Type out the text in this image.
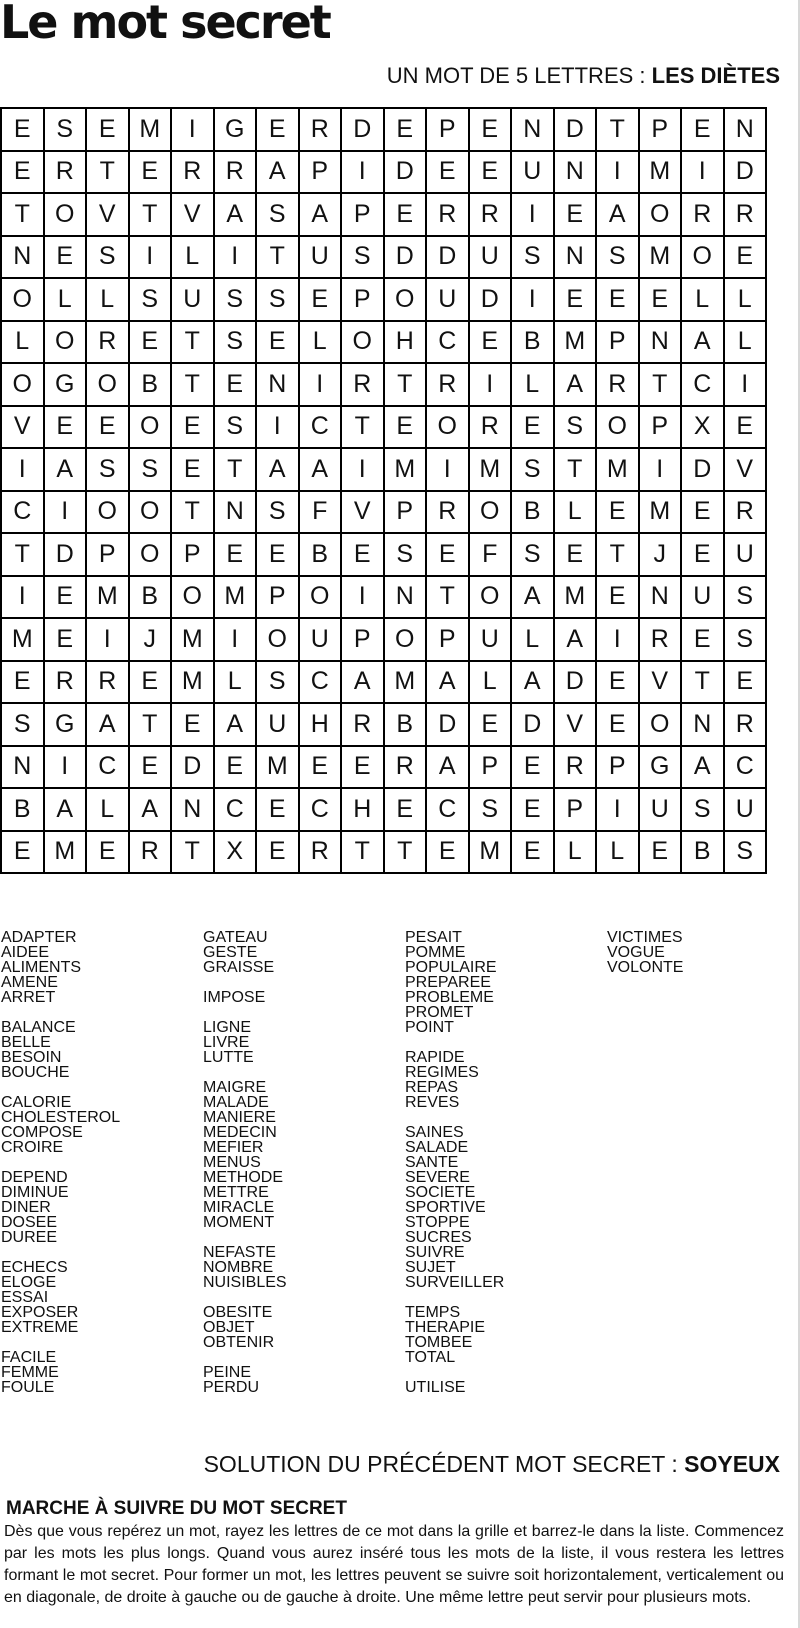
Le mot secret
UN MOT DE 5 LETTRES : LES DIÈTES
E	S	E	M	I	G	E	R	D	E	P	E	N	D	T	P	E	N
E	R	T	E	R	R	A	P	I	D	E	E	U	N	I	M	I	D
T	O	V	T	V	A	S	A	P	E	R	R	I	E	A	O	R	R
N	E	S	I	L	I	T	U	S	D	D	U	S	N	S	M	O	E
O	L	L	S	U	S	S	E	P	O	U	D	I	E	E	E	L	L
L	O	R	E	T	S	E	L	O	H	C	E	B	M	P	N	A	L
O	G	O	B	T	E	N	I	R	T	R	I	L	A	R	T	C	I
V	E	E	O	E	S	I	C	T	E	O	R	E	S	O	P	X	E
I	A	S	S	E	T	A	A	I	M	I	M	S	T	M	I	D	V
C	I	O	O	T	N	S	F	V	P	R	O	B	L	E	M	E	R
T	D	P	O	P	E	E	B	E	S	E	F	S	E	T	J	E	U
I	E	M	B	O	M	P	O	I	N	T	O	A	M	E	N	U	S
M	E	I	J	M	I	O	U	P	O	P	U	L	A	I	R	E	S
E	R	R	E	M	L	S	C	A	M	A	L	A	D	E	V	T	E
S	G	A	T	E	A	U	H	R	B	D	E	D	V	E	O	N	R
N	I	C	E	D	E	M	E	E	R	A	P	E	R	P	G	A	C
B	A	L	A	N	C	E	C	H	E	C	S	E	P	I	U	S	U
E	M	E	R	T	X	E	R	T	T	E	M	E	L	L	E	B	S
ADAPTER
AIDEE
ALIMENTS
AMENE
ARRET
BALANCE
BELLE
BESOIN
BOUCHE
CALORIE
CHOLESTEROL
COMPOSE
CROIRE
DEPEND
DIMINUE
DINER
DOSEE
DUREE
ECHECS
ELOGE
ESSAI
EXPOSER
EXTREME
FACILE
FEMME
FOULE
GATEAU
GESTE
GRAISSE
IMPOSE
LIGNE
LIVRE
LUTTE
MAIGRE
MALADE
MANIERE
MEDECIN
MEFIER
MENUS
METHODE
METTRE
MIRACLE
MOMENT
NEFASTE
NOMBRE
NUISIBLES
OBESITE
OBJET
OBTENIR
PEINE
PERDU
PESAIT
POMME
POPULAIRE
PREPAREE
PROBLEME
PROMET
POINT
RAPIDE
REGIMES
REPAS
REVES
SAINES
SALADE
SANTE
SEVERE
SOCIETE
SPORTIVE
STOPPE
SUCRES
SUIVRE
SUJET
SURVEILLER
TEMPS
THERAPIE
TOMBEE
TOTAL
UTILISE
VICTIMES
VOGUE
VOLONTE
SOLUTION DU PRÉCÉDENT MOT SECRET : SOYEUX
MARCHE À SUIVRE DU MOT SECRET
Dès que vous repérez un mot, rayez les lettres de ce mot dans la grille et barrez-le dans la liste. Commencez par les mots les plus longs. Quand vous aurez inséré tous les mots de la liste, il vous restera les lettres formant le mot secret. Pour former un mot, les lettres peuvent se suivre soit horizontalement, verticalement ou en diagonale, de droite à gauche ou de gauche à droite. Une même lettre peut servir pour plusieurs mots.
